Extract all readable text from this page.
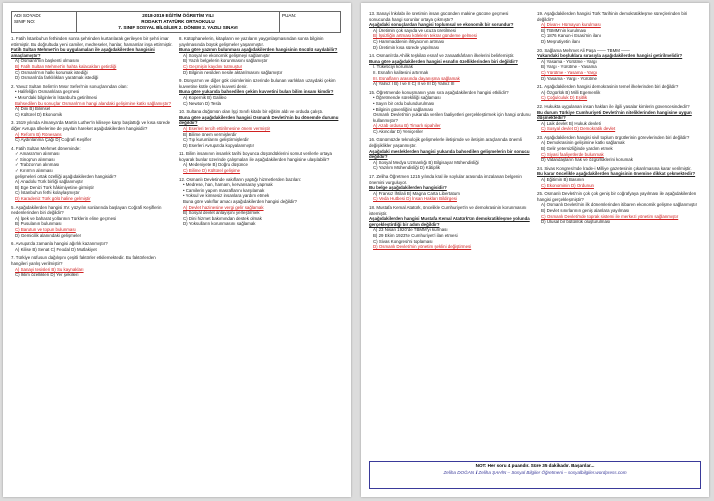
ADI SOYADI:
SINIF NO:
2018-2019 EĞİTİM ÖĞRETİM YILI
RODAKTI ATATÜRK ORTAOKULU
7. SINIF SOSYAL BİLGİLER 2. DÖNEM 2. YAZILI SINAVI
PUAN:
1. Fatih İstanbul'un fethinden sonra şehrinden kurtarılarak gerileyen bir şehri imar ettirmiştir. Bu doğrultuda yeni camiler, medreseler, hanlar, hamamlar inşa ettirmiştir.
Fatih Sultan Mehmet'in bu uygulamaları ile aşağıdakilerden hangisini amaçlamıştır?
A) Osmanlı'nın başkenti olmasını
B) Fatih Sultan Mehmet'in hahta kalacakları getirdiği
C) Osmanlı'nın halkı korumak istediği
D) Osmanlı'da farklılıkları yaratmak istediği
2. Yavuz Sultan Selim'in Mısır Seferi'nin sonuçlarından olan:
• Halifeliğin Osmanlılara geçmesi
• Mısır'daki bilginlerin İstanbul'a getirilmesi
Bahsedilen bu sonuçlar Osmanlı'nın hangi alandaki gelişimine katkı sağlamıştır?
A) Dini B) Bilimsel
C) Kültürel D) Ekonomik
3. 1519 yılında Almanya'da Martin Luther'in kiliseye karşı başlattığı ve kısa sürede diğer Avrupa ülkelerine de yayılan hareket aşağıdakilerden hangisidir?
A) Reform B) Rönesans
C) Aydınlanma Çağı D) Coğrafi Keşifler
4. Fatih Sultan Mehmet döneminde:
✓ Amasra'nın alınması
✓ Sinop'un alınması
✓ Trabzon'un alınması
✓ Kırım'ın alınması
gelişmeleri ortak özelliği aşağıdakilerden hangisidir?
A) Anadolu Türk birliği sağlanmıştır
B) Ege Denizi Türk hâkimiyetine girmiştir
C) İstanbul'un fethi kolaylaşmıştır
D) Karadeniz Türk gölü haline gelmiştir
5. Aşağıdakilerden hangisi XV. yüzyılın sonlarında başlayan Coğrafi Keşiflerin nedenlerinden biri değildir?
A) İpek ve baharat yollarının Türklerin eline geçmesi
B) Pusulanın bulunması
C) Barutun ve topun bulunması
D) Gemicilik alanındaki gelişmeler
6. Avrupa'da zamanla hangisi ağırlık kazanmıştır?
A) Kilise B) Senat C) Feodal D) Mutlakiyet
7. Türkiye nüfusun dağılışını çeşitli faktörler etkilemektedir. Bu faktörlerden hangileri yanlış verilmiştir?
A) Sanayi tesisleri B) Su kaynakları
C) İklim özellikleri D) Yer şekilleri
8. Kütüphanelerin, kitapların ve yazıların yaygınlaşmasından sonra bilginin yayılmasında büyük gelişmeler yaşanmıştır.
Buna göre yazının bulunması aşağıdakilerden hangisinin öncülü sayılabilir?
A) Sosyal ve ekonomik gelişmeyi sağlamıştır
B) Yazılı belgelerin korunmasını sağlamıştır
C) Geçmişin kaydını tutmuştur
D) Bilginin nesilden nesile aktarılmasını sağlamıştır
9. Dünya'nın ve diğer gök cisimlerinin üzerinde bulunan varlıkları uzaydaki çekim kuvvetine kütle çekim kuvveti denir.
Buna göre yukarıda bahsedilen çekim kuvvetini bulan bilim insanı kimdir?
A) Kopernik B) Galileo
C) Newton D) Tesla
10. Sultana düğümün olan İşçi Sınıfı kitabı bir eğitim aldı ve orduda çalıştı.
Buna göre aşağıdakilerden hangisi Osmanlı Devleti'nin bu dönemde durumu değildir?
A) Eserleri tercih ettirilmesine önem vermiştir
B) Bilime önem vermişlerdir
C) Tıp kurumlarını geliştirmişlerdir
D) Eserleri Avrupa'da kopyalanmıştır
11. Bilim insanının insanlık tarihi boyunca düşündüklerini somut verilerle ortaya koyarak bunlar üzerinde çalışmaları ile aşağıdakilerden hangisine ulaşılabilir?
A) Medeniyete B) Doğru düşünce
C) Bilime D) Kültürel gelişime
12. Osmanlı Devletinde vakıfların yaptığı hizmetlerden bazıları:
• Medrese, han, hamam, kervansaray yapmak
• Camilerin yapım masraflarını karşılamak
• Yoksul ve kimsesiz insanlara yardım etmek
Buna göre vakıflar amacı aşağıdakilerden hangisi değildir?
A) Devlet hazinesine vergi gelir sağlamak
B) Sosyal devlet anlayışını yerleştirmek
C) Dini hizmet bakımından destek olmak
D) Yoksulların korunmasını sağlamak
13. Sanayi İnkılabı ile üretimin insan gücünden makine gücüne geçmesi sonucunda hangi sorunlar ortaya çıkmıştır?
Aşağıdaki sonuçlardan hangisi toplumsal ve ekonomik bir sorundur?
A) Üretimin çok sayıda ve ucuza üretilmesi
B) İşsizliğin artması kölelerin tekrar gündeme gelmesi
C) Hammaddenin ihtiyacının artması
D) Üretimin kısa sürede yapılması
14. Osmanlı'da Ahilik teşkilatı esnaf ve zanaatkârların ilkelerini belirlemiştir.
Buna göre aşağıdakilerden hangisi esnafın özelliklerinden biri değildir?
I. Tüketiciyi korumak
II. Esnafın kalitesini artırmak
III. Esnafların arasında dayanışma sağlamak
A) Yalnız I B) I ve II C) II ve III D) Yalnız III
15. Öğretmende konuşmanın yanı sıra aşağıdakilerden hangisi etkilidir?
• Öğretmende sürekliliği sağlaması
• Sayın bir ordu bulundurulması
• Bilginin güvenliğini sağlaması
Osmanlı Devleti'nin yukarıda verilen faaliyetleri gerçekleştirmek için hangi ordunu kullanmıştır?
A) Azab ordusu B) Timarlı sipahiler
C) Akıncılar D) Yeniçeriler
16. Günümüzde teknolojik gelişmelerle iletişimde ve iletişim araçlarında önemli değişiklikler yaşanmıştır.
Aşağıdaki mesleklerden hangisi yukarıda bahsedilen gelişmelerin bir sonucu değildir?
A) Sosyal Medya Uzmanlığı B) Bilgisayar Mühendisliği
C) Yazılım Mühendisliği D) Kâtiplik
17. Zeliha Öğretmen 1215 yılında kral ile soylular arasında imzalanan belgenin önemini vurguluyor.
Bu belge aşağıdakilerden hangisidir?
A) Fransız İhtilali B) Magna Carta Libertatum
C) Veda Hutbesi D) İnsan Hakları Bildirgesi
18. Mustafa Kemal Atatürk, öncelikle Cumhuriyet'in ve demokrasinin korunmasını istemiştir.
Aşağıdakilerden hangisi Mustafa Kemal Atatürk'ün demokratikleşme yolunda gerçekleştirdiği bir adım değildir?
A) 23 Nisan 1920'de TBMM'yi kurması
B) 29 Ekim 1923'te Cumhuriyet'i ilan etmesi
C) Sivas Kongresi'ni toplaması
D) Osmanlı Devleti'nin yönetim şeklini değiştirmesi
19. Aşağıdakilerden hangisi Türk Tarihinin demokratikleşme süreçlerinden biri değildir?
A) Divan-ı Hümayun kurulması
B) TBMM'nin kurulması
C) 1876 Kanun-i Esasi'nin ilanı
D) Meşrutiyetin ilanı
20. Sağlama Mehmet Ali Paşa —— TBMM ——
Yukarıdaki boşluklara sırasıyla aşağıdakilerden hangisi getirilmelidir?
A) Yasama - Yürütme - Yargı
B) Yargı - Yürütme - Yasama
C) Yürütme - Yasama - Yargı
D) Yasama - Yargı - Yürütme
21. Aşağıdakilerden hangisi demokrasinin temel ilkelerinden biri değildir?
A) Özgürlük B) Milli Egemenlik
C) Çoğulculuk D) Eşitlik
22. Hukukta uygulanan insan hakları ile ilgili yasalar kimlerin güvencesindedir?
Bu durum Türkiye Cumhuriyeti Devleti'nin niteliklerinden hangisine uygun düşmektedir?
A) Laik devlet B) Hukuk devleti
C) Sosyal devlet D) Demokratik devlet
23. Aşağıdakilerden hangisi sivil toplum örgütlerinin görevlerinden biri değildir?
A) Demokrasinin gelişimine katkı sağlamak
B) Gelir yetersizliğinde yardım etmek
C) Siyasi faaliyetlerde bulunmak
D) Vatandaşların hak ve özgürlüklerini korumak
24. Sivas Kongresi'nde İrade-i Milliye gazetesinin çıkarılmasına karar verilmiştir.
Bu karar öncelikle aşağıdakilerden hangisinin önemine dikkat çekmektedir?
A) Eğitimin B) Basının
C) Ekonominin D) Ordunun
25. Osmanlı Devleti'nin çok çok geniş bir coğrafyaya yayılması ile aşağıdakilerden hangisi gerçekleşmiştir?
A) Osmanlı Devleti'nin ilk dönemlerinden itibaren ekonomik gelişme sağlanmıştır
B) Devlet sınırlarının geniş alanlara yayılması
C) Osmanlı Devleti'nde toprak sistemi ile merkezi yönetim sağlanmıştır
D) Ulusal bir bütünlük oluşturulması
NOT: Her soru 4 puandır. Süre 35 dakikadır. Başarılar...
Zeliha DOĞAN ℹ Zeliha ŞAHİN – Sosyal Bilgiler Öğretmeni – sosyalbilgiler.wordpress.com
